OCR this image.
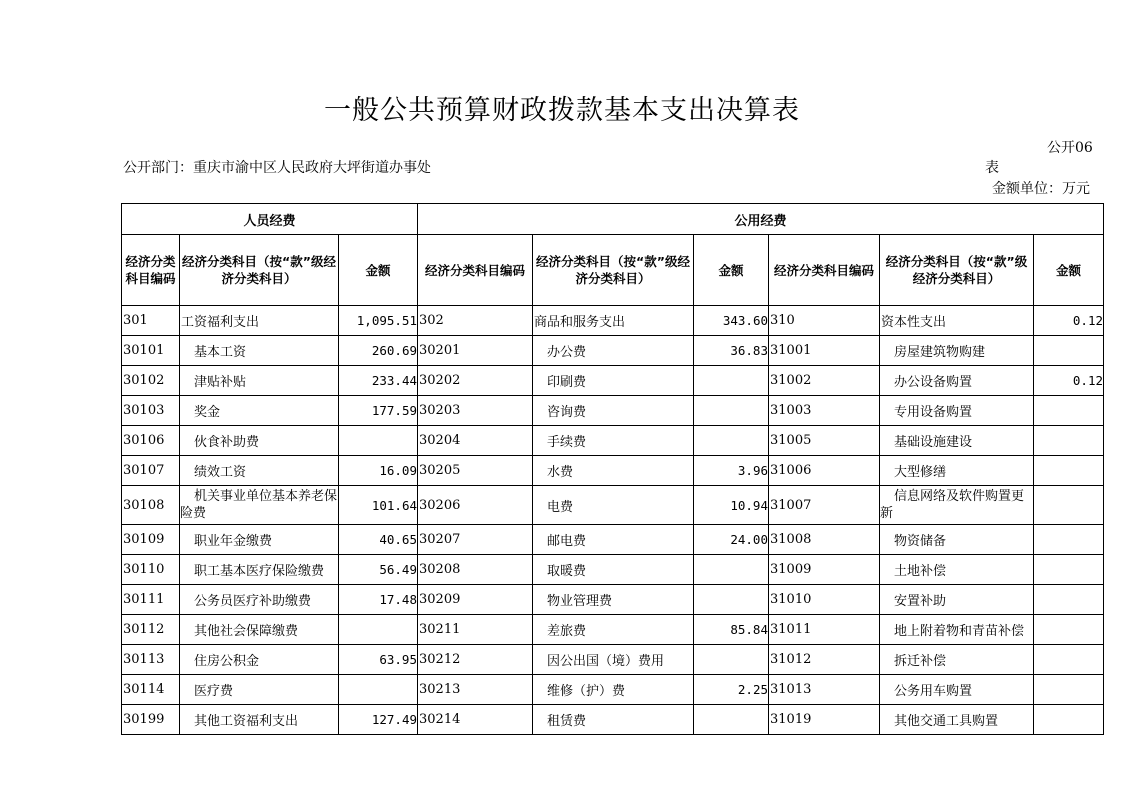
一般公共预算财政拨款基本支出决算表
公开06
公开部门：重庆市渝中区人民政府大坪街道办事处	表
金额单位：万元
人员经费			公用经费					
经济分类科目编码	经济分类科目（按“款”级经济分类科目）	金额	经济分类科目编码	经济分类科目（按“款”级经济分类科目）	金额	经济分类科目编码	经济分类科目（按“款”级经济分类科目）	金额
301	工资福利支出	1,095.51	302	商品和服务支出	343.60	310	资本性支出	0.12
30101	基本工资	260.69	30201	办公费	36.83	31001	房屋建筑物购建	
30102	津贴补贴	233.44	30202	印刷费		31002	办公设备购置	0.12
30103	奖金	177.59	30203	咨询费		31003	专用设备购置	
30106	伙食补助费		30204	手续费		31005	基础设施建设	
30107	绩效工资	16.09	30205	水费	3.96	31006	大型修缮	
30108	机关事业单位基本养老保险费	101.64	30206	电费	10.94	31007	信息网络及软件购置更新	
30109	职业年金缴费	40.65	30207	邮电费	24.00	31008	物资储备	
30110	职工基本医疗保险缴费	56.49	30208	取暖费		31009	土地补偿	
30111	公务员医疗补助缴费	17.48	30209	物业管理费		31010	安置补助	
30112	其他社会保障缴费		30211	差旅费	85.84	31011	地上附着物和青苗补偿	
30113	住房公积金	63.95	30212	因公出国（境）费用		31012	拆迁补偿	
30114	医疗费		30213	维修（护）费	2.25	31013	公务用车购置	
30199	其他工资福利支出	127.49	30214	租赁费		31019	其他交通工具购置	
